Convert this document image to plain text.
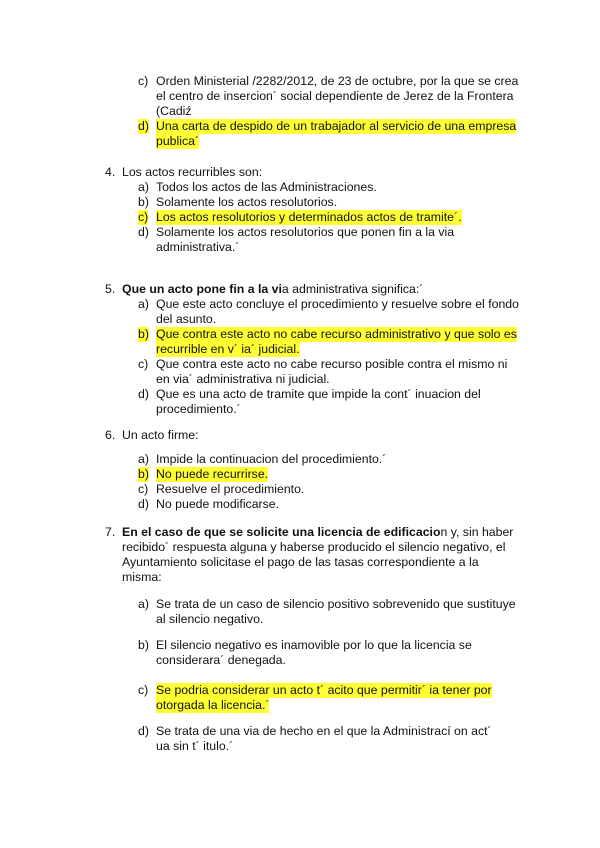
c) Orden Ministerial /2282/2012, de 23 de octubre, por la que se crea
el centro de insercion´ social dependiente de Jerez de la Frontera
(Cadiź
d) Una carta de despido de un trabajador al servicio de una empresa
publica´
4. Los actos recurribles son:
a) Todos los actos de las Administraciones.
b) Solamente los actos resolutorios.
c) Los actos resolutorios y determinados actos de tramite´.
d) Solamente los actos resolutorios que ponen fin a la via
administrativa.´
5. Que un acto pone fin a la via administrativa significa:´
a) Que este acto concluye el procedimiento y resuelve sobre el fondo
del asunto.
b) Que contra este acto no cabe recurso administrativo y que solo es
recurrible en v´ ia´ judicial.
c) Que contra este acto no cabe recurso posible contra el mismo ni
en via´ administrativa ni judicial.
d) Que es una acto de tramite que impide la cont´ inuacion del
procedimiento.´
6. Un acto firme:
a) Impide la continuacion del procedimiento.´
b) No puede recurrirse.
c) Resuelve el procedimiento.
d) No puede modificarse.
7. En el caso de que se solicite una licencia de edificacion y, sin haber
recibido´ respuesta alguna y haberse producido el silencio negativo, el
Ayuntamiento solicitase el pago de las tasas correspondiente a la
misma:
a) Se trata de un caso de silencio positivo sobrevenido que sustituye
al silencio negativo.
b) El silencio negativo es inamovible por lo que la licencia se
considerara´ denegada.
c) Se podria considerar un acto t´ acito que permitir´ ia tener por
otorgada la licencia.´
d) Se trata de una via de hecho en el que la Administrací on act´
ua sin t´ itulo.´
